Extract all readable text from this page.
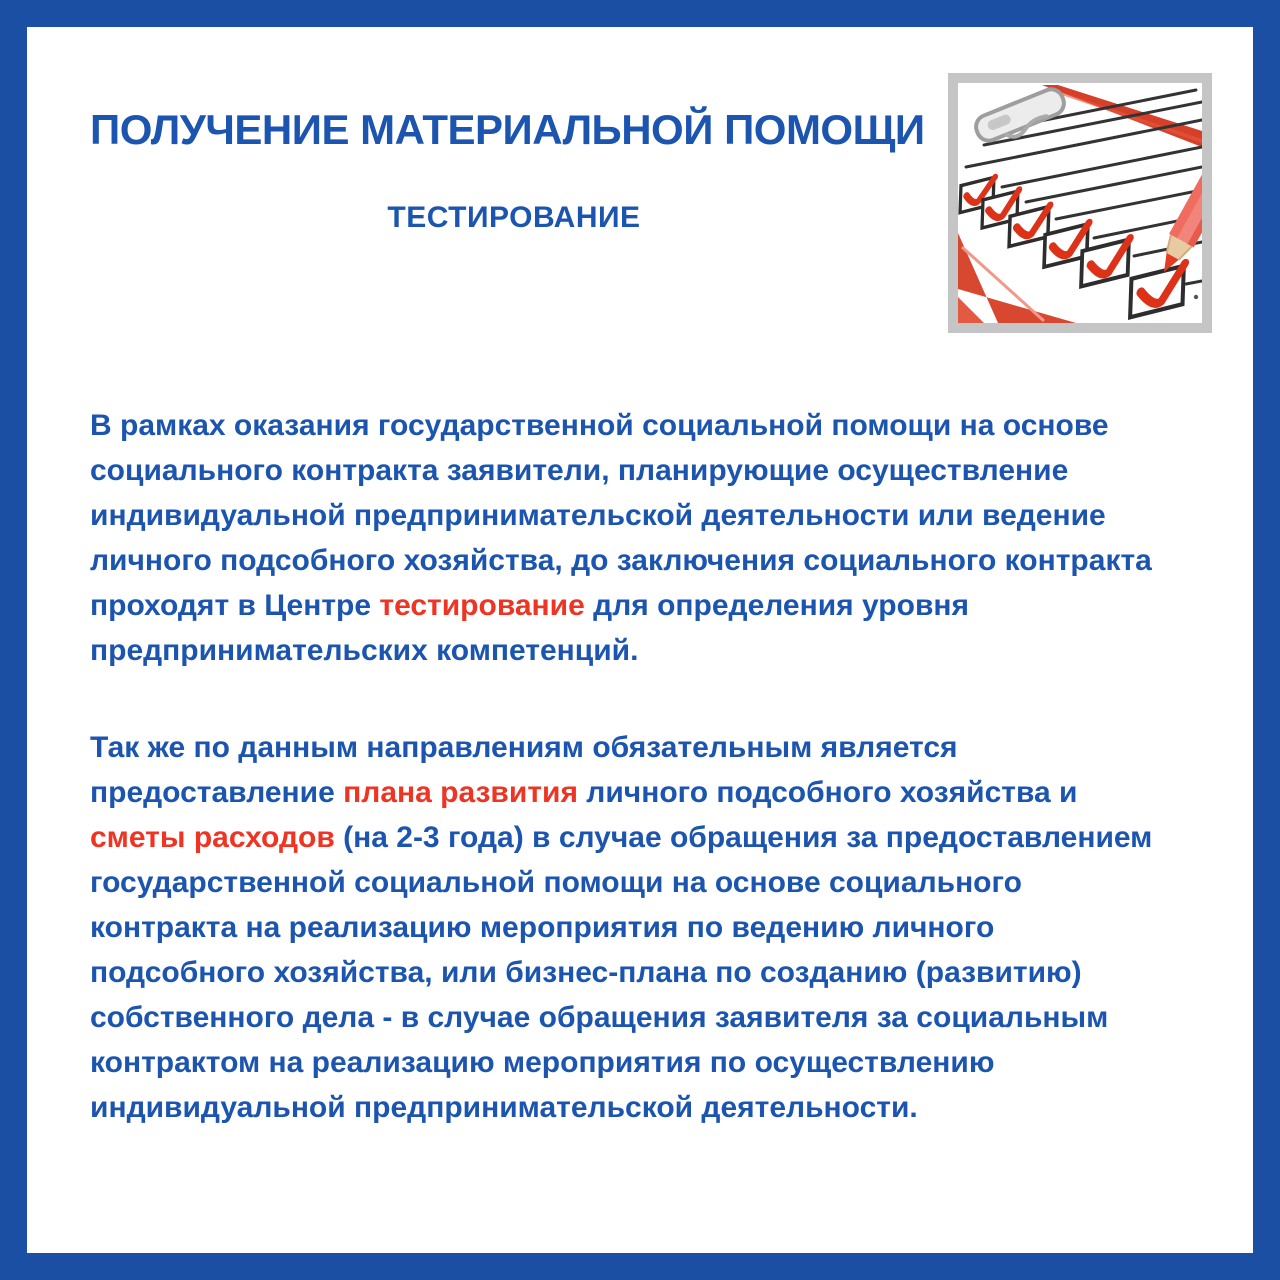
ПОЛУЧЕНИЕ МАТЕРИАЛЬНОЙ ПОМОЩИ
ТЕСТИРОВАНИЕ

В рамках оказания государственной социальной помощи на основе социального контракта заявители, планирующие осуществление индивидуальной предпринимательской деятельности или ведение личного подсобного хозяйства, до заключения социального контракта проходят в Центре тестирование для определения уровня предпринимательских компетенций.

Так же по данным направлениям обязательным является предоставление плана развития личного подсобного хозяйства и сметы расходов (на 2-3 года) в случае обращения за предоставлением государственной социальной помощи на основе социального контракта на реализацию мероприятия по ведению личного подсобного хозяйства, или бизнес-плана по созданию (развитию) собственного дела - в случае обращения заявителя за социальным контрактом на реализацию мероприятия по осуществлению индивидуальной предпринимательской деятельности.
